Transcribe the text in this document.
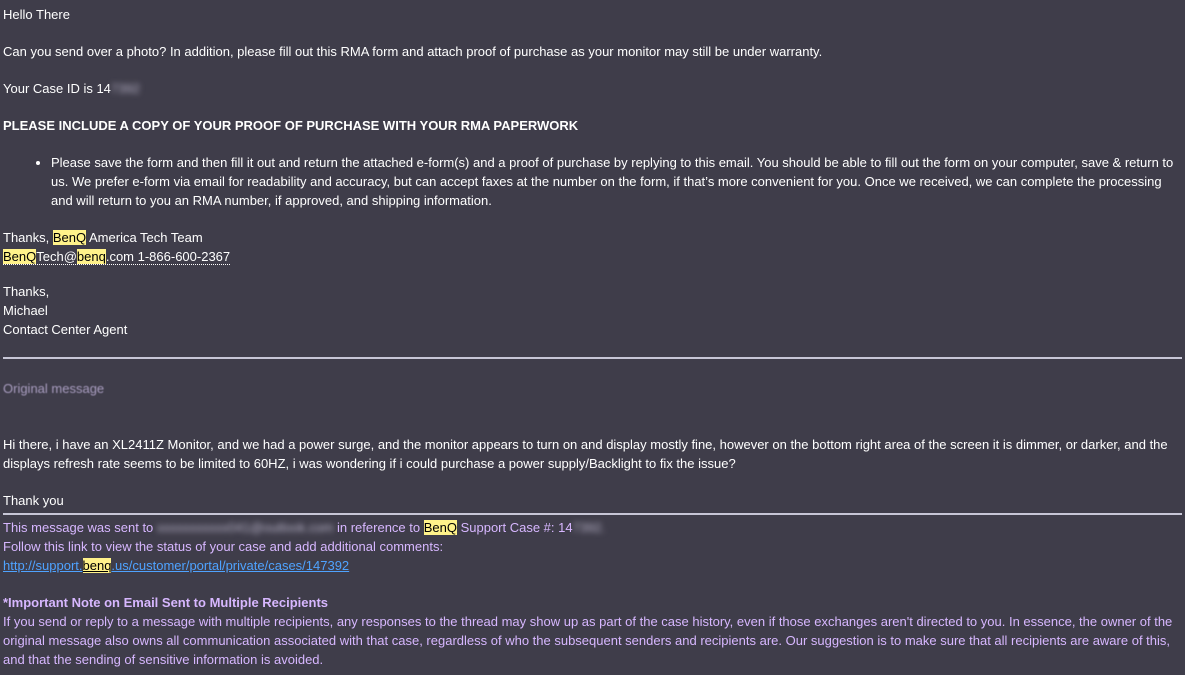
Hello There

Can you send over a photo? In addition, please fill out this RMA form and attach proof of purchase as your monitor may still be under warranty.

Your Case ID is 147392

PLEASE INCLUDE A COPY OF YOUR PROOF OF PURCHASE WITH YOUR RMA PAPERWORK

• Please save the form and then fill it out and return the attached e-form(s) and a proof of purchase by replying to this email. You should be able to fill out the form on your computer, save & return to us. We prefer e-form via email for readability and accuracy, but can accept faxes at the number on the form, if that’s more convenient for you. Once we received, we can complete the processing and will return to you an RMA number, if approved, and shipping information.

Thanks, BenQ America Tech Team

BenQTech@benq.com 1-866-600-2367

Thanks,

Michael

Contact Center Agent

Original message

Hi there, i have an XL2411Z Monitor, and we had a power surge, and the monitor appears to turn on and display mostly fine, however on the bottom right area of the screen it is dimmer, or darker, and the displays refresh rate seems to be limited to 60HZ, i was wondering if i could purchase a power supply/Backlight to fix the issue?

Thank you

This message was sent to xxxxxxxxxxx041@outlook.com in reference to BenQ Support Case #: 147392.

Follow this link to view the status of your case and add additional comments:

http://support.benq.us/customer/portal/private/cases/147392

*Important Note on Email Sent to Multiple Recipients

If you send or reply to a message with multiple recipients, any responses to the thread may show up as part of the case history, even if those exchanges aren't directed to you. In essence, the owner of the original message also owns all communication associated with that case, regardless of who the subsequent senders and recipients are. Our suggestion is to make sure that all recipients are aware of this, and that the sending of sensitive information is avoided.
